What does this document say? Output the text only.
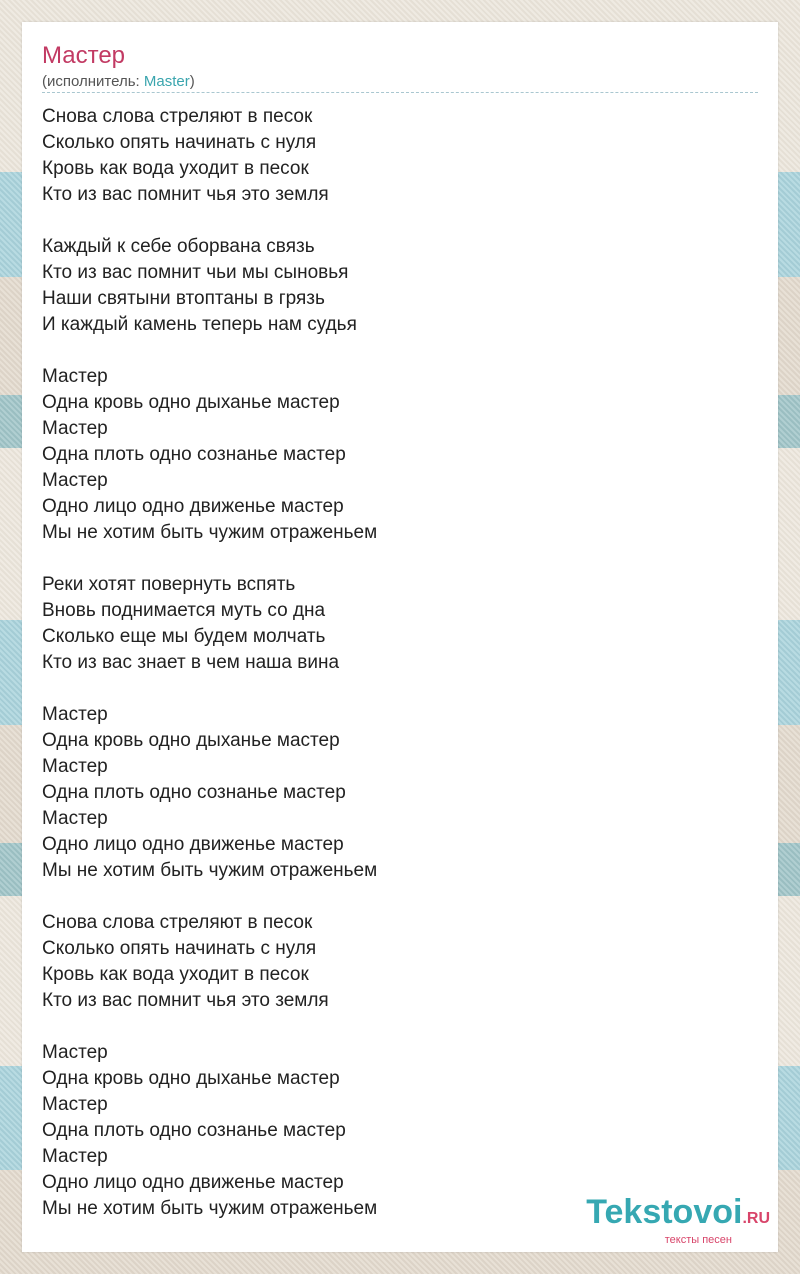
Мастер
(исполнитель: Master)
Снова слова стреляют в песок
Сколько опять начинать с нуля
Кровь как вода уходит в песок
Кто из вас помнит чья это земля
Каждый к себе оборвана связь
Кто из вас помнит чьи мы сыновья
Наши святыни втоптаны в грязь
И каждый камень теперь нам судья
Мастер
Одна кровь одно дыханье мастер
Мастер
Одна плоть одно сознанье мастер
Мастер
Одно лицо одно движенье мастер
Мы не хотим быть чужим отраженьем
Реки хотят повернуть вспять
Вновь поднимается муть со дна
Сколько еще мы будем молчать
Кто из вас знает в чем наша вина
Мастер
Одна кровь одно дыханье мастер
Мастер
Одна плоть одно сознанье мастер
Мастер
Одно лицо одно движенье мастер
Мы не хотим быть чужим отраженьем
Снова слова стреляют в песок
Сколько опять начинать с нуля
Кровь как вода уходит в песок
Кто из вас помнит чья это земля
Мастер
Одна кровь одно дыханье мастер
Мастер
Одна плоть одно сознанье мастер
Мастер
Одно лицо одно движенье мастер
Мы не хотим быть чужим отраженьем	Tekstovoi.RU
тексты песен
